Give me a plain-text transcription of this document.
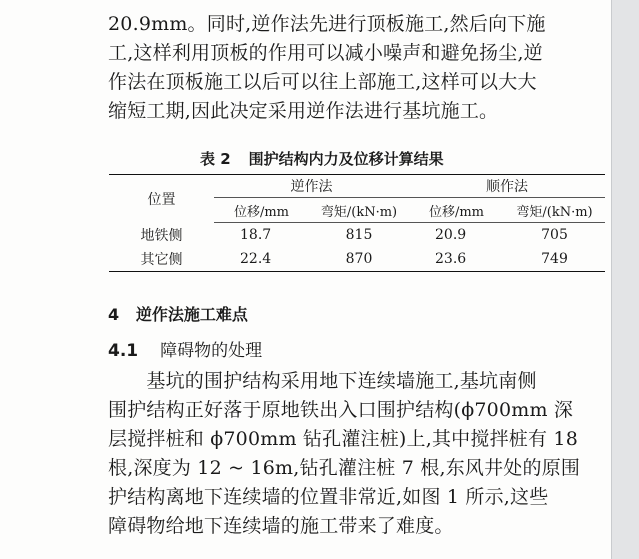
20.9mm。同时,逆作法先进行顶板施工,然后向下施
工,这样利用顶板的作用可以减小噪声和避免扬尘,逆
作法在顶板施工以后可以往上部施工,这样可以大大
缩短工期,因此决定采用逆作法进行基坑施工。
表 2 围护结构内力及位移计算结果
位置	逆作法		顺作法	
	位移/mm	弯矩/(kN·m)	位移/mm	弯矩/(kN·m)
地铁侧	18.7	815	20.9	705
其它侧	22.4	870	23.6	749
4 逆作法施工难点
4.1 障碍物的处理
　　基坑的围护结构采用地下连续墙施工,基坑南侧
围护结构正好落于原地铁出入口围护结构(ϕ700mm 深
层搅拌桩和 ϕ700mm 钻孔灌注桩)上,其中搅拌桩有 18
根,深度为 12 ~ 16m,钻孔灌注桩 7 根,东风井处的原围
护结构离地下连续墙的位置非常近,如图 1 所示,这些
障碍物给地下连续墙的施工带来了难度。
